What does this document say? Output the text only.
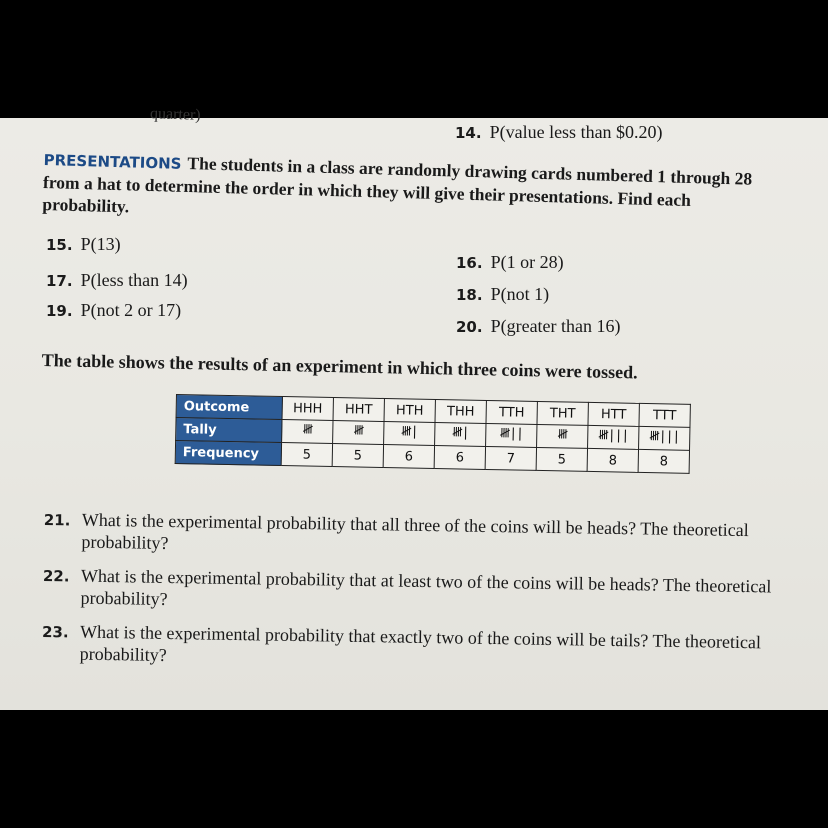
quarter)
14. P(value less than $0.20)
PRESENTATIONS The students in a class are randomly drawing cards numbered 1 through 28 from a hat to determine the order in which they will give their presentations. Find each probability.
15. P(13)
16. P(1 or 28)
17. P(less than 14)
18. P(not 1)
19. P(not 2 or 17)
20. P(greater than 16)
The table shows the results of an experiment in which three coins were tossed.
Outcome	HHH	HHT	HTH	THH	TTH	THT	HTT	TTT
Tally	𝍸	𝍸	𝍸|	𝍸|	𝍸||	𝍸	𝍸|||	𝍸|||
Frequency	5	5	6	6	7	5	8	8
21. What is the experimental probability that all three of the coins will be heads? The theoretical probability?
22. What is the experimental probability that at least two of the coins will be heads? The theoretical probability?
23. What is the experimental probability that exactly two of the coins will be tails? The theoretical probability?
